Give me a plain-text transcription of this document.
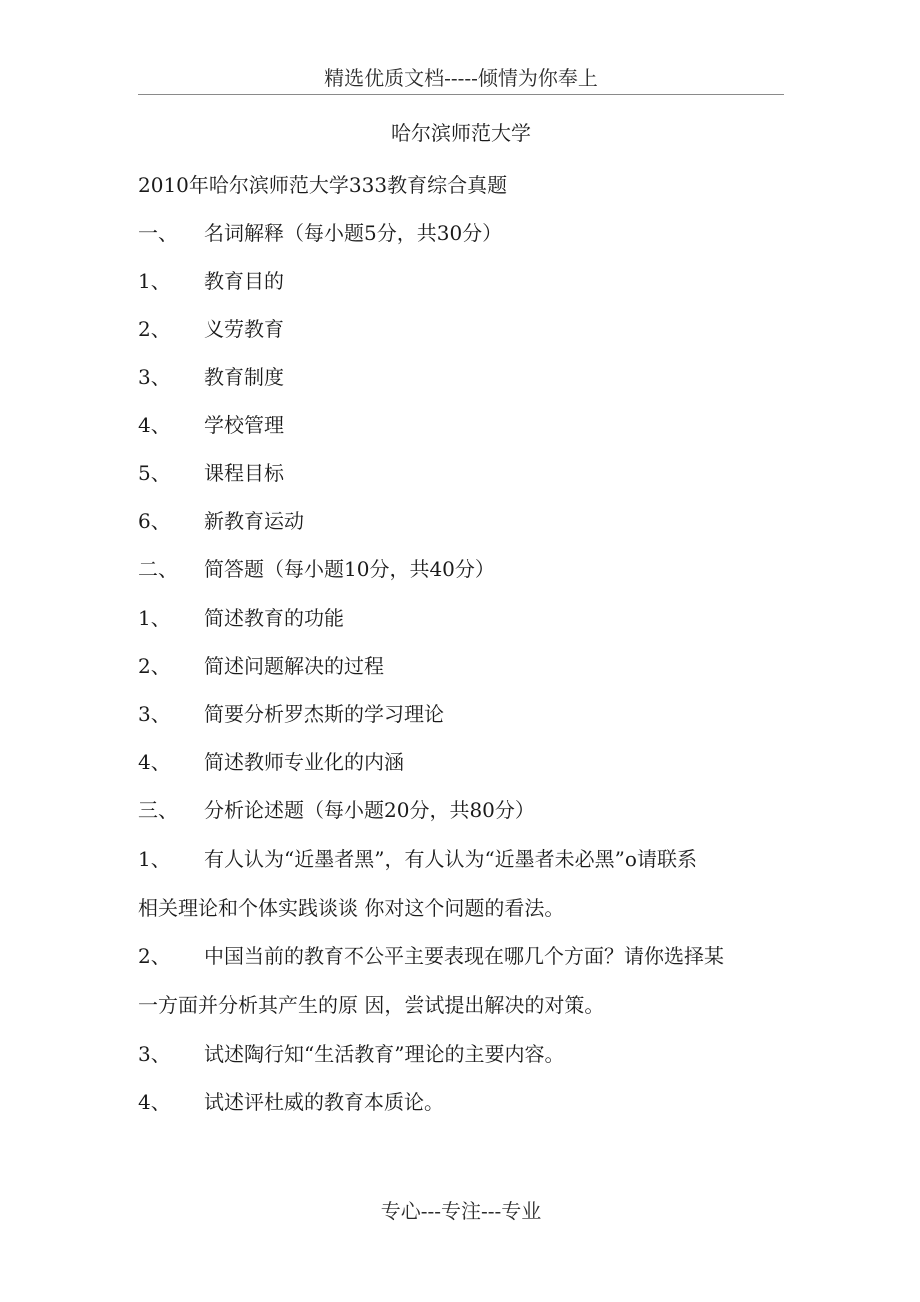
精选优质文档-----倾情为你奉上
哈尔滨师范大学
2010年哈尔滨师范大学333教育综合真题
一、 名词解释（每小题5分，共30分）
1、 教育目的
2、 义劳教育
3、 教育制度
4、 学校管理
5、 课程目标
6、 新教育运动
二、 简答题（每小题10分，共40分）
1、 简述教育的功能
2、 简述问题解决的过程
3、 简要分析罗杰斯的学习理论
4、 简述教师专业化的内涵
三、 分析论述题（每小题20分，共80分）
1、 有人认为“近墨者黑”，有人认为“近墨者未必黑”o请联系
相关理论和个体实践谈谈 你对这个问题的看法。
2、 中国当前的教育不公平主要表现在哪几个方面？请你选择某
一方面并分析其产生的原 因，尝试提出解决的对策。
3、 试述陶行知“生活教育”理论的主要内容。
4、 试述评杜威的教育本质论。
专心---专注---专业
